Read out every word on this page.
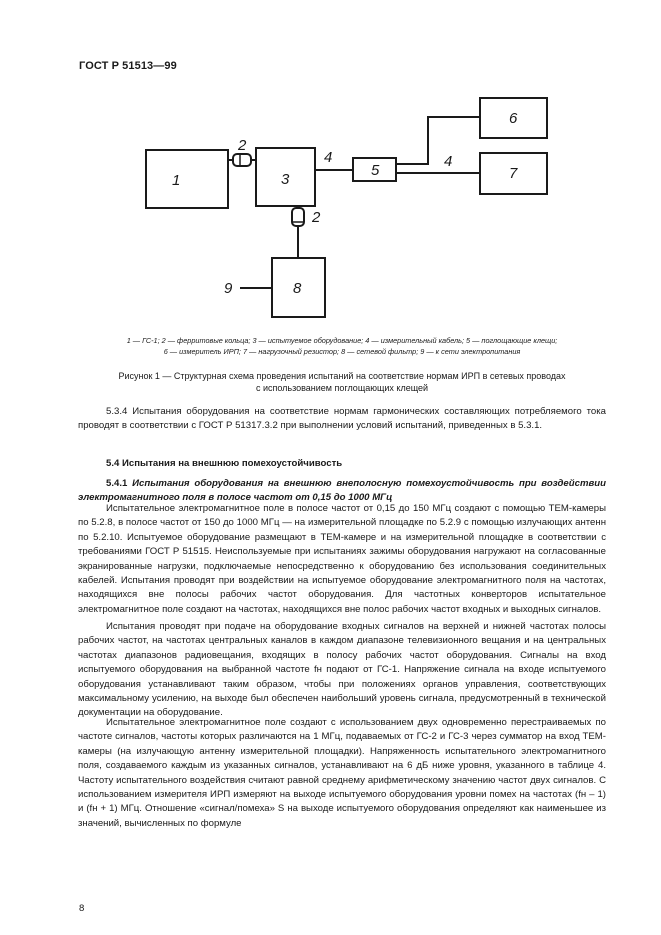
ГОСТ Р 51513—99
1
2
3
4
5
4
6
7
2
8
9
1 — ГС-1; 2 — ферритовые кольца; 3 — испытуемое оборудование; 4 — измерительный кабель; 5 — поглощающие клещи;
6 — измеритель ИРП; 7 — нагрузочный резистор; 8 — сетевой фильтр; 9 — к сети электропитания
Рисунок 1 — Структурная схема проведения испытаний на соответствие нормам ИРП в сетевых проводах
с использованием поглощающих клещей

5.3.4 Испытания оборудования на соответствие нормам гармонических составляющих потребляемого тока проводят в соответствии с ГОСТ Р 51317.3.2 при выполнении условий испытаний, приведенных в 5.3.1.

5.4 Испытания на внешнюю помехоустойчивость

5.4.1 Испытания оборудования на внешнюю внеполосную помехоустойчивость при воздействии электромагнитного поля в полосе частот от 0,15 до 1000 МГц

Испытательное электромагнитное поле в полосе частот от 0,15 до 150 МГц создают с помощью ТЕМ-камеры по 5.2.8, в полосе частот от 150 до 1000 МГц — на измерительной площадке по 5.2.9 с помощью излучающих антенн по 5.2.10. Испытуемое оборудование размещают в ТЕМ-камере и на измерительной площадке в соответствии с требованиями ГОСТ Р 51515. Неиспользуемые при испытаниях зажимы оборудования нагружают на согласованные экранированные нагрузки, подключаемые непосредственно к оборудованию без использования соединительных кабелей. Испытания проводят при воздействии на испытуемое оборудование электромагнитного поля на частотах, находящихся вне полосы рабочих частот оборудования. Для частотных конверторов испытательное электромагнитное поле создают на частотах, находящихся вне полос рабочих частот входных и выходных сигналов.

Испытания проводят при подаче на оборудование входных сигналов на верхней и нижней частотах полосы рабочих частот, на частотах центральных каналов в каждом диапазоне телевизионного вещания и на центральных частотах диапазонов радиовещания, входящих в полосу рабочих частот оборудования. Сигналы на вход испытуемого оборудования на выбранной частоте fн подают от ГС-1. Напряжение сигнала на входе испытуемого оборудования устанавливают таким образом, чтобы при положениях органов управления, соответствующих максимальному усилению, на выходе был обеспечен наибольший уровень сигнала, предусмотренный в технической документации на оборудование.

Испытательное электромагнитное поле создают с использованием двух одновременно перестраиваемых по частоте сигналов, частоты которых различаются на 1 МГц, подаваемых от ГС-2 и ГС-3 через сумматор на вход ТЕМ-камеры (на излучающую антенну измерительной площадки). Напряженность испытательного электромагнитного поля, создаваемого каждым из указанных сигналов, устанавливают на 6 дБ ниже уровня, указанного в таблице 4. Частоту испытательного воздействия считают равной среднему арифметическому значению частот двух сигналов. С использованием измерителя ИРП измеряют на выходе испытуемого оборудования уровни помех на частотах (fн – 1) и (fн + 1) МГц. Отношение «сигнал/помеха» S на выходе испытуемого оборудования определяют как наименьшее из значений, вычисленных по формуле

8
